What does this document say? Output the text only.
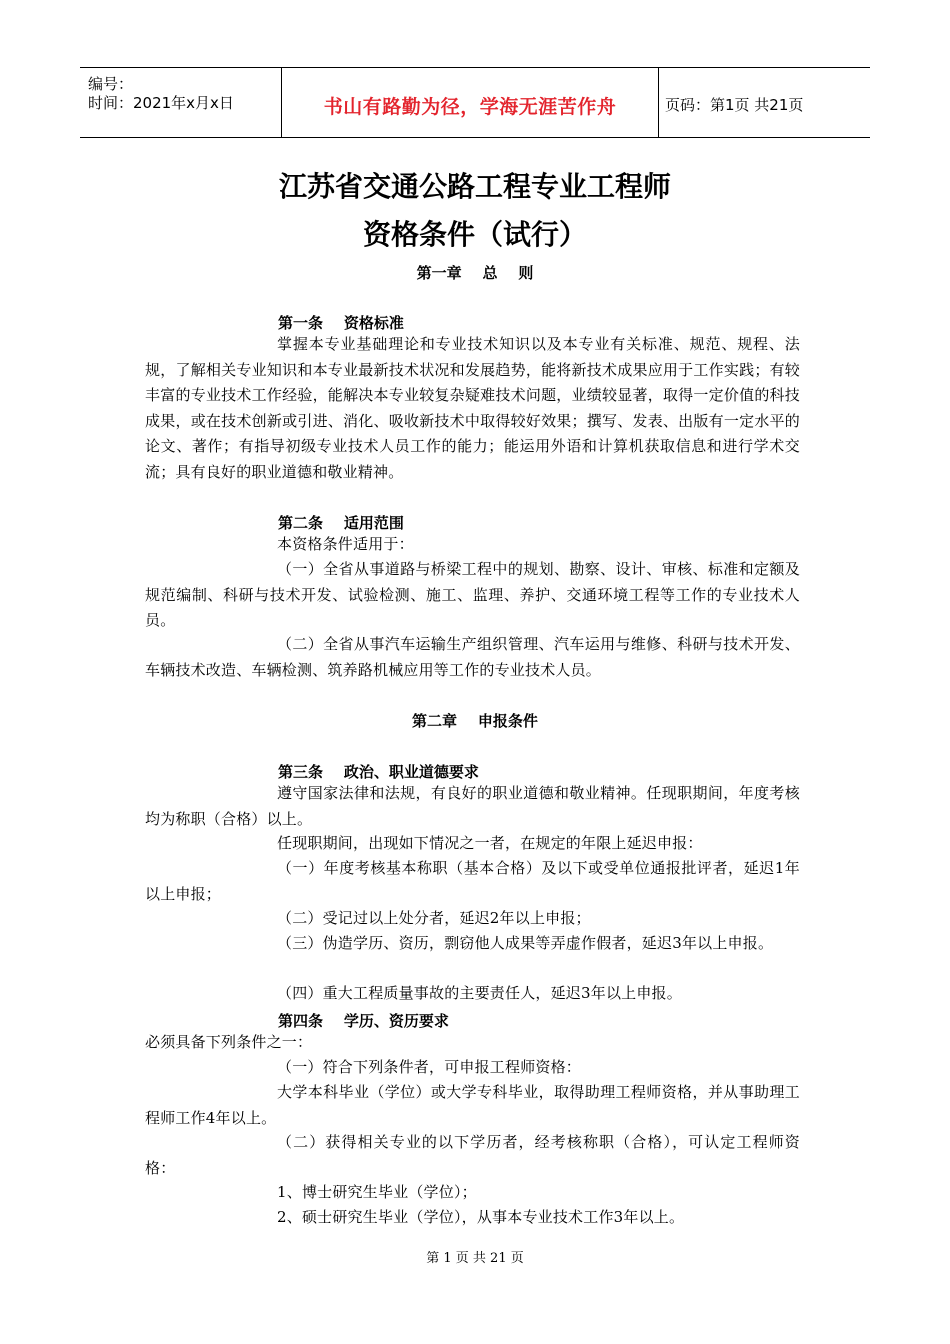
编号：
时间：2021年x月x日	书山有路勤为径，学海无涯苦作舟	页码：第1页 共21页
江苏省交通公路工程专业工程师
资格条件（试行）
第一章    总    则
第一条    资格标准
掌握本专业基础理论和专业技术知识以及本专业有关标准、规范、规程、法规，了解相关专业知识和本专业最新技术状况和发展趋势，能将新技术成果应用于工作实践；有较丰富的专业技术工作经验，能解决本专业较复杂疑难技术问题，业绩较显著，取得一定价值的科技成果，或在技术创新或引进、消化、吸收新技术中取得较好效果；撰写、发表、出版有一定水平的论文、著作；有指导初级专业技术人员工作的能力；能运用外语和计算机获取信息和进行学术交流；具有良好的职业道德和敬业精神。
第二条    适用范围
本资格条件适用于：
（一）全省从事道路与桥梁工程中的规划、勘察、设计、审核、标准和定额及规范编制、科研与技术开发、试验检测、施工、监理、养护、交通环境工程等工作的专业技术人员。
（二）全省从事汽车运输生产组织管理、汽车运用与维修、科研与技术开发、车辆技术改造、车辆检测、筑养路机械应用等工作的专业技术人员。
第二章    申报条件
第三条    政治、职业道德要求
遵守国家法律和法规，有良好的职业道德和敬业精神。任现职期间，年度考核均为称职（合格）以上。
任现职期间，出现如下情况之一者，在规定的年限上延迟申报：
（一）年度考核基本称职（基本合格）及以下或受单位通报批评者，延迟1年以上申报；
（二）受记过以上处分者，延迟2年以上申报；
（三）伪造学历、资历，剽窃他人成果等弄虚作假者，延迟3年以上申报。
（四）重大工程质量事故的主要责任人，延迟3年以上申报。
第四条    学历、资历要求
必须具备下列条件之一：
（一）符合下列条件者，可申报工程师资格：
大学本科毕业（学位）或大学专科毕业，取得助理工程师资格，并从事助理工程师工作4年以上。
（二）获得相关专业的以下学历者，经考核称职（合格），可认定工程师资格：
1、博士研究生毕业（学位）；
2、硕士研究生毕业（学位），从事本专业技术工作3年以上。
第 1 页 共 21 页
